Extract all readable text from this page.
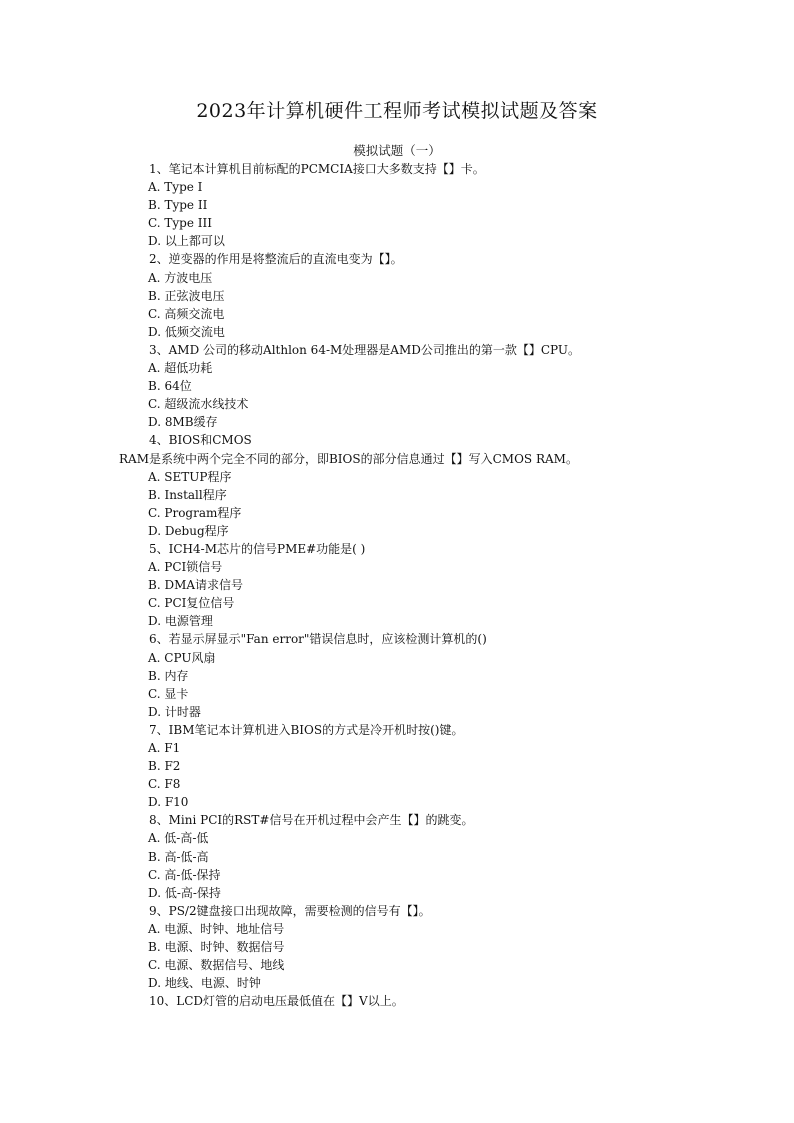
2023年计算机硬件工程师考试模拟试题及答案
模拟试题（一）
1、笔记本计算机目前标配的PCMCIA接口大多数支持【】卡。
A. Type I
B. Type II
C. Type III
D. 以上都可以
2、逆变器的作用是将整流后的直流电变为【】。
A. 方波电压
B. 正弦波电压
C. 高频交流电
D. 低频交流电
3、AMD 公司的移动Althlon 64-M处理器是AMD公司推出的第一款【】CPU。
A. 超低功耗
B. 64位
C. 超级流水线技术
D. 8MB缓存
4、BIOS和CMOS
RAM是系统中两个完全不同的部分，即BIOS的部分信息通过【】写入CMOS RAM。
A. SETUP程序
B. Install程序
C. Program程序
D. Debug程序
5、ICH4-M芯片的信号PME#功能是( )
A. PCI锁信号
B. DMA请求信号
C. PCI复位信号
D. 电源管理
6、若显示屏显示"Fan error"错误信息时，应该检测计算机的()
A. CPU风扇
B. 内存
C. 显卡
D. 计时器
7、IBM笔记本计算机进入BIOS的方式是冷开机时按()键。
A. F1
B. F2
C. F8
D. F10
8、Mini PCI的RST#信号在开机过程中会产生【】的跳变。
A. 低-高-低
B. 高-低-高
C. 高-低-保持
D. 低-高-保持
9、PS/2键盘接口出现故障，需要检测的信号有【】。
A. 电源、时钟、地址信号
B. 电源、时钟、数据信号
C. 电源、数据信号、地线
D. 地线、电源、时钟
10、LCD灯管的启动电压最低值在【】V以上。
